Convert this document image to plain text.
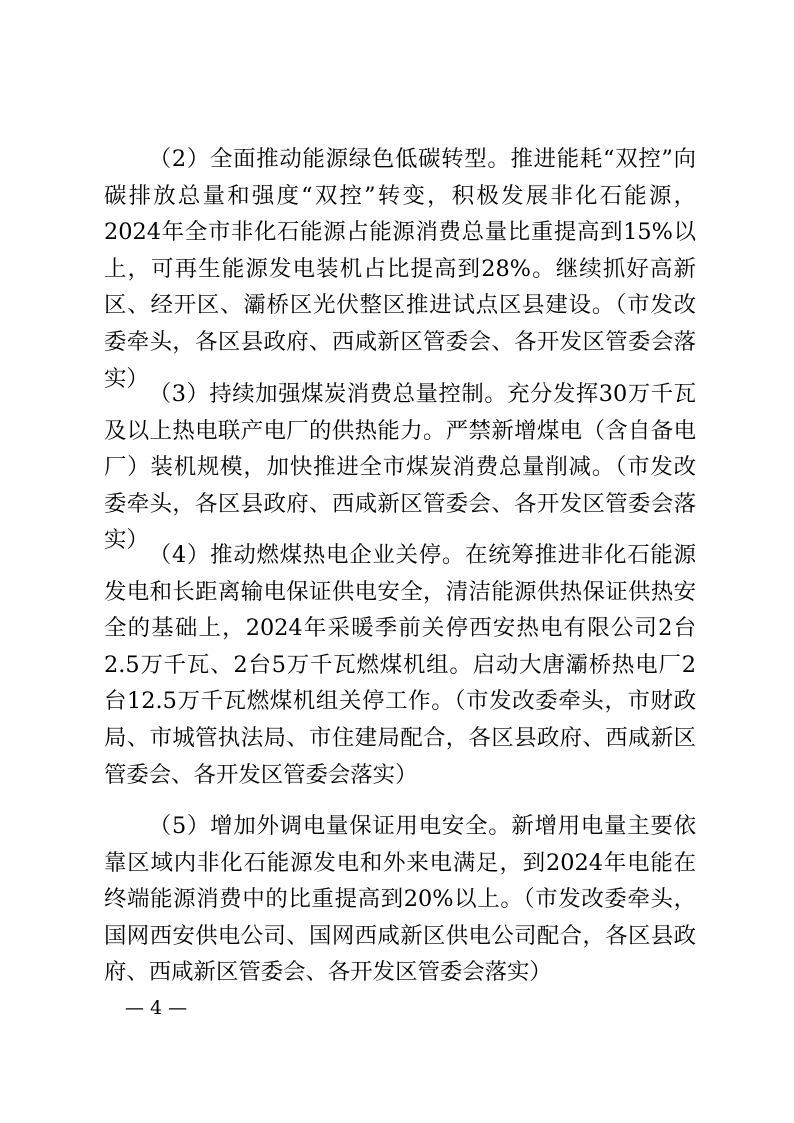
（2）全面推动能源绿色低碳转型。推进能耗“双控”向碳排放总量和强度“双控”转变，积极发展非化石能源，2024年全市非化石能源占能源消费总量比重提高到15%以上，可再生能源发电装机占比提高到28%。继续抓好高新区、经开区、灞桥区光伏整区推进试点区县建设。（市发改委牵头，各区县政府、西咸新区管委会、各开发区管委会落实）

（3）持续加强煤炭消费总量控制。充分发挥30万千瓦及以上热电联产电厂的供热能力。严禁新增煤电（含自备电厂）装机规模，加快推进全市煤炭消费总量削减。（市发改委牵头，各区县政府、西咸新区管委会、各开发区管委会落实）

（4）推动燃煤热电企业关停。在统筹推进非化石能源发电和长距离输电保证供电安全，清洁能源供热保证供热安全的基础上，2024年采暖季前关停西安热电有限公司2台2.5万千瓦、2台5万千瓦燃煤机组。启动大唐灞桥热电厂2台12.5万千瓦燃煤机组关停工作。（市发改委牵头，市财政局、市城管执法局、市住建局配合，各区县政府、西咸新区管委会、各开发区管委会落实）

（5）增加外调电量保证用电安全。新增用电量主要依靠区域内非化石能源发电和外来电满足，到2024年电能在终端能源消费中的比重提高到20%以上。（市发改委牵头，国网西安供电公司、国网西咸新区供电公司配合，各区县政府、西咸新区管委会、各开发区管委会落实）

— 4 —
